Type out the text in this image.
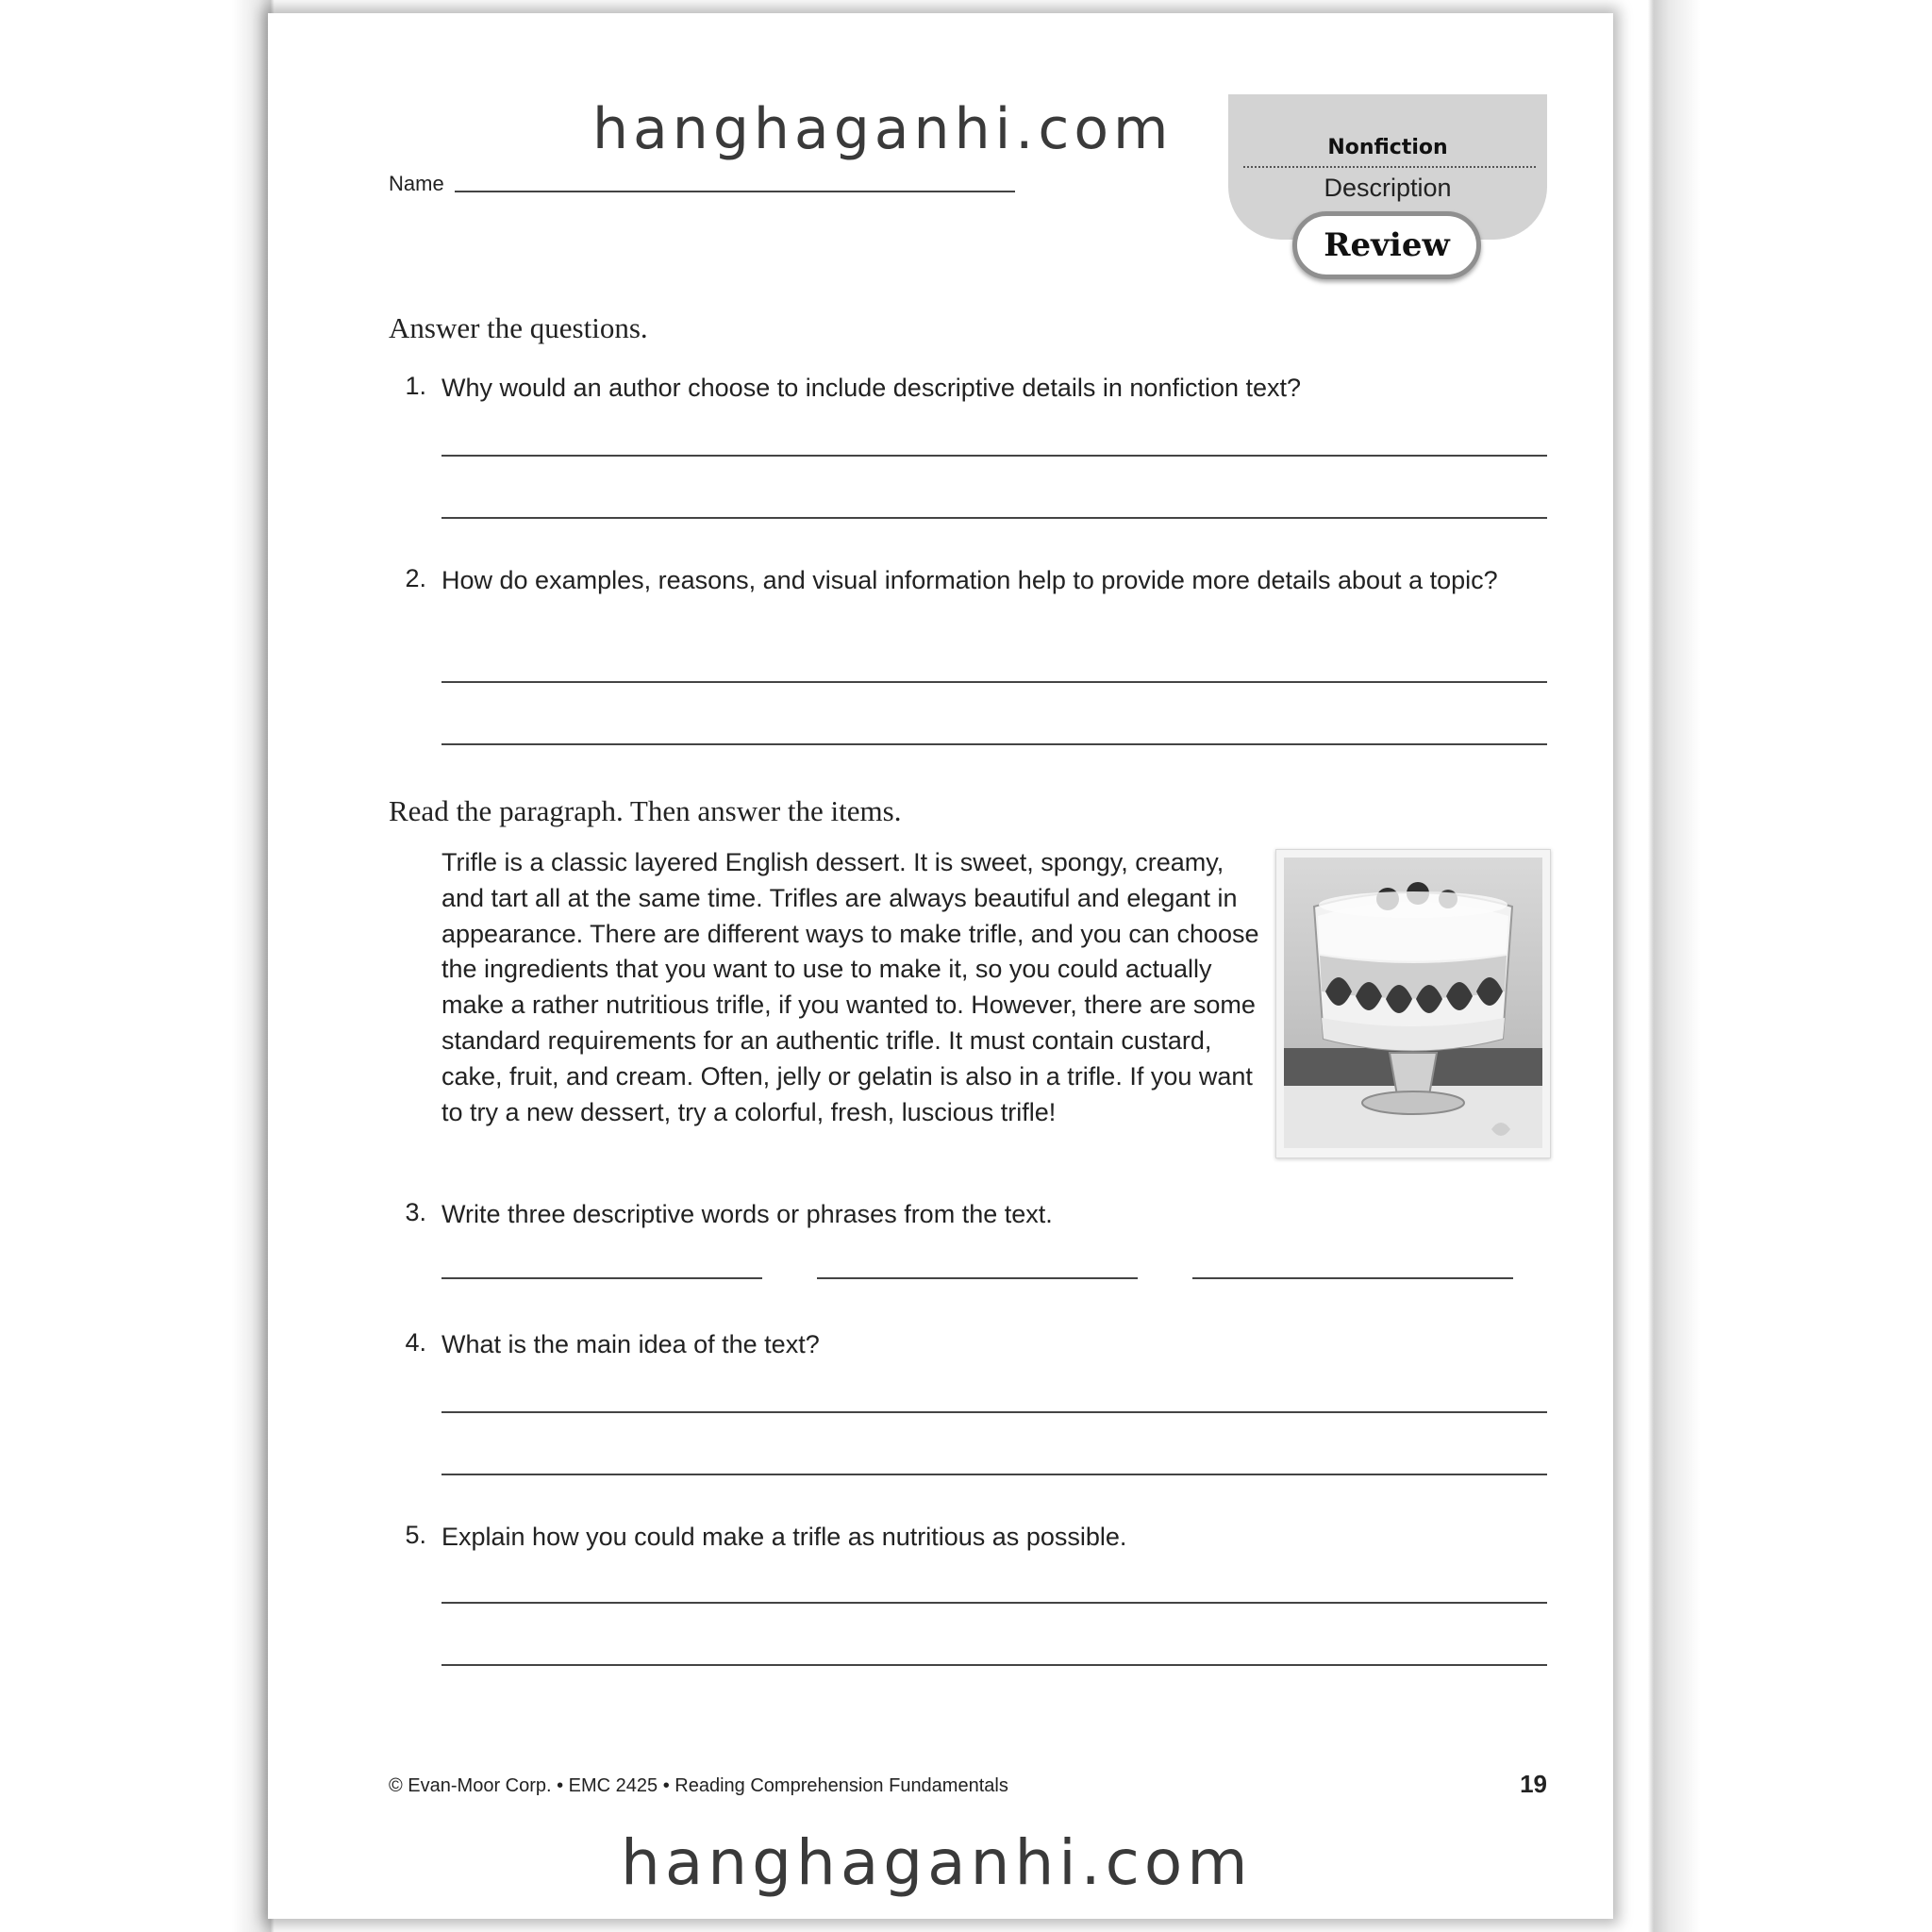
hanghaganhi.com
Name
Nonfiction
Description
Review
Answer the questions.
1. Why would an author choose to include descriptive details in nonfiction text?
2. How do examples, reasons, and visual information help to provide more details about a topic?
Read the paragraph. Then answer the items.
Trifle is a classic layered English dessert. It is sweet, spongy, creamy, and tart all at the same time. Trifles are always beautiful and elegant in appearance. There are different ways to make trifle, and you can choose the ingredients that you want to use to make it, so you could actually make a rather nutritious trifle, if you wanted to. However, there are some standard requirements for an authentic trifle. It must contain custard, cake, fruit, and cream. Often, jelly or gelatin is also in a trifle. If you want to try a new dessert, try a colorful, fresh, luscious trifle!
3. Write three descriptive words or phrases from the text.
4. What is the main idea of the text?
5. Explain how you could make a trifle as nutritious as possible.
© Evan-Moor Corp. • EMC 2425 • Reading Comprehension Fundamentals	19
hanghaganhi.com
